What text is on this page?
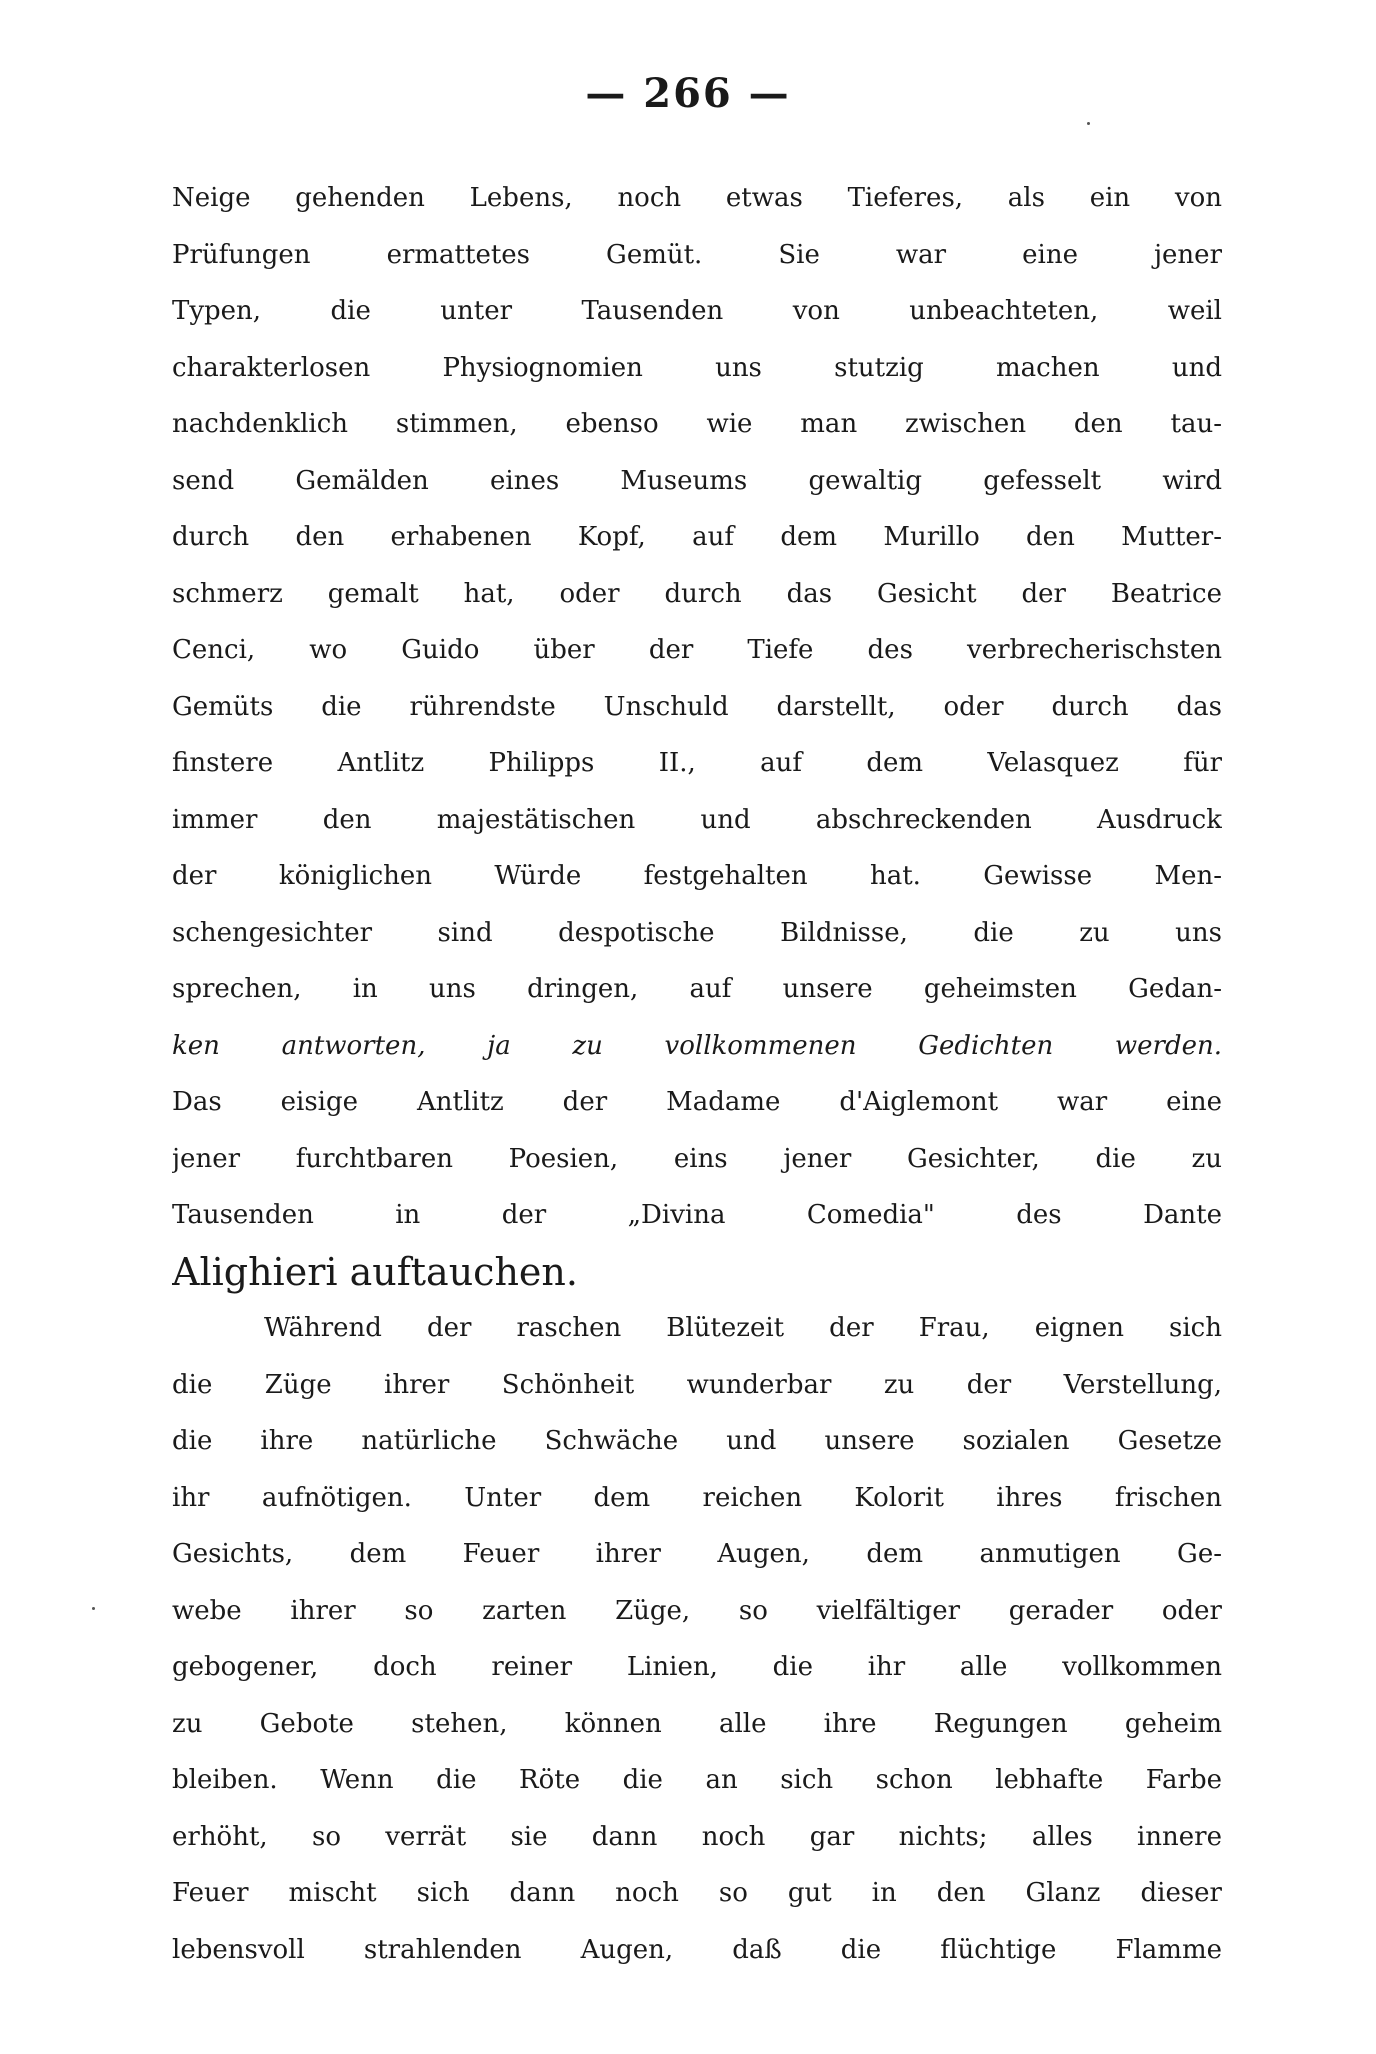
— 266 —
Neige gehenden Lebens, noch etwas Tieferes, als ein von
Prüfungen ermattetes Gemüt. Sie war eine jener
Typen, die unter Tausenden von unbeachteten, weil
charakterlosen Physiognomien uns stutzig machen und
nachdenklich stimmen, ebenso wie man zwischen den tau-
send Gemälden eines Museums gewaltig gefesselt wird
durch den erhabenen Kopf, auf dem Murillo den Mutter-
schmerz gemalt hat, oder durch das Gesicht der Beatrice
Cenci, wo Guido über der Tiefe des verbrecherischsten
Gemüts die rührendste Unschuld darstellt, oder durch das
finstere Antlitz Philipps II., auf dem Velasquez für
immer den majestätischen und abschreckenden Ausdruck
der königlichen Würde festgehalten hat. Gewisse Men-
schengesichter sind despotische Bildnisse, die zu uns
sprechen, in uns dringen, auf unsere geheimsten Gedan-
ken antworten, ja zu vollkommenen Gedichten werden.
Das eisige Antlitz der Madame d'Aiglemont war eine
jener furchtbaren Poesien, eins jener Gesichter, die zu
Tausenden in der „Divina Comedia" des Dante
Alighieri auftauchen.
Während der raschen Blütezeit der Frau, eignen sich
die Züge ihrer Schönheit wunderbar zu der Verstellung,
die ihre natürliche Schwäche und unsere sozialen Gesetze
ihr aufnötigen. Unter dem reichen Kolorit ihres frischen
Gesichts, dem Feuer ihrer Augen, dem anmutigen Ge-
webe ihrer so zarten Züge, so vielfältiger gerader oder
gebogener, doch reiner Linien, die ihr alle vollkommen
zu Gebote stehen, können alle ihre Regungen geheim
bleiben. Wenn die Röte die an sich schon lebhafte Farbe
erhöht, so verrät sie dann noch gar nichts; alles innere
Feuer mischt sich dann noch so gut in den Glanz dieser
lebensvoll strahlenden Augen, daß die flüchtige Flamme
